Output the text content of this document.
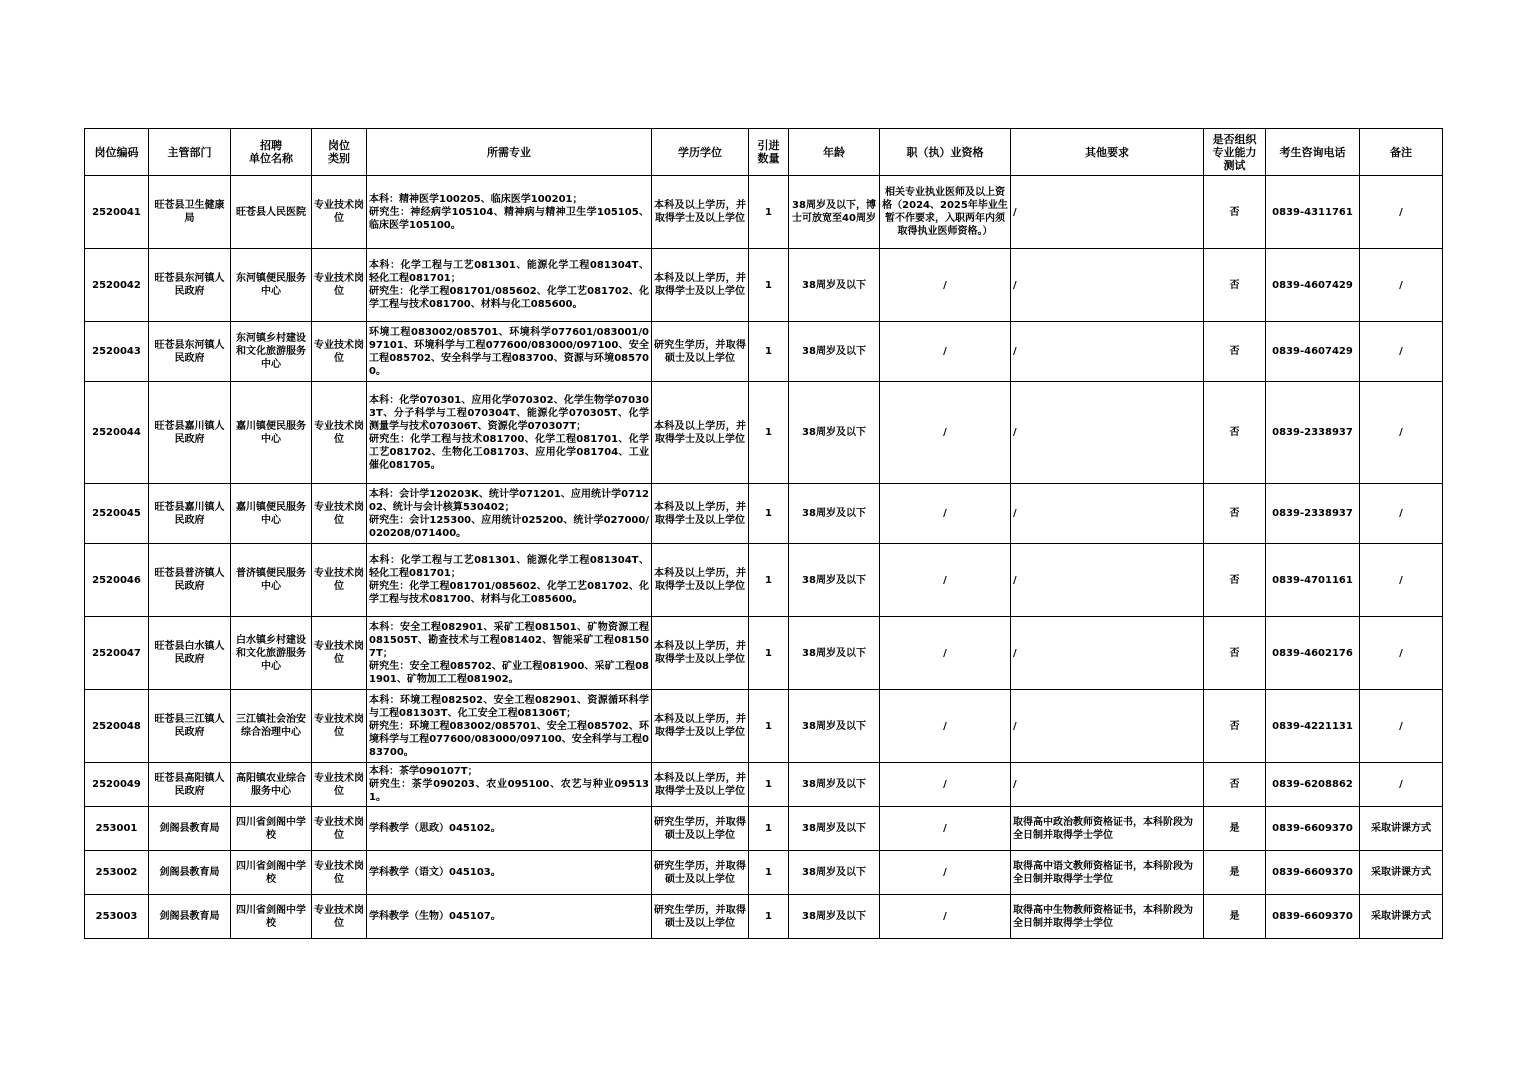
岗位编码	主管部门	招聘
单位名称	岗位
类别	所需专业	学历学位	引进
数量	年龄	职（执）业资格	其他要求	是否组织
专业能力
测试	考生咨询电话	备注
2520041	旺苍县卫生健康局	旺苍县人民医院	专业技术岗位	本科：精神医学100205、临床医学100201；
研究生：神经病学105104、精神病与精神卫生学105105、临床医学105100。	本科及以上学历，并取得学士及以上学位	1	38周岁及以下，博士可放宽至40周岁	相关专业执业医师及以上资格（2024、2025年毕业生暂不作要求，入职两年内须取得执业医师资格。）	/	否	0839-4311761	/
2520042	旺苍县东河镇人民政府	东河镇便民服务中心	专业技术岗位	本科：化学工程与工艺081301、能源化学工程081304T、轻化工程081701；
研究生：化学工程081701/085602、化学工艺081702、化学工程与技术081700、材料与化工085600。	本科及以上学历，并取得学士及以上学位	1	38周岁及以下	/	/	否	0839-4607429	/
2520043	旺苍县东河镇人民政府	东河镇乡村建设和文化旅游服务中心	专业技术岗位	环境工程083002/085701、环境科学077601/083001/097101、环境科学与工程077600/083000/097100、安全工程085702、安全科学与工程083700、资源与环境085700。	研究生学历，并取得硕士及以上学位	1	38周岁及以下	/	/	否	0839-4607429	/
2520044	旺苍县嘉川镇人民政府	嘉川镇便民服务中心	专业技术岗位	本科：化学070301、应用化学070302、化学生物学070303T、分子科学与工程070304T、能源化学070305T、化学测量学与技术070306T、资源化学070307T；
研究生：化学工程与技术081700、化学工程081701、化学工艺081702、生物化工081703、应用化学081704、工业催化081705。	本科及以上学历，并取得学士及以上学位	1	38周岁及以下	/	/	否	0839-2338937	/
2520045	旺苍县嘉川镇人民政府	嘉川镇便民服务中心	专业技术岗位	本科：会计学120203K、统计学071201、应用统计学071202、统计与会计核算530402；
研究生：会计125300、应用统计025200、统计学027000/020208/071400。	本科及以上学历，并取得学士及以上学位	1	38周岁及以下	/	/	否	0839-2338937	/
2520046	旺苍县普济镇人民政府	普济镇便民服务中心	专业技术岗位	本科：化学工程与工艺081301、能源化学工程081304T、轻化工程081701；
研究生：化学工程081701/085602、化学工艺081702、化学工程与技术081700、材料与化工085600。	本科及以上学历，并取得学士及以上学位	1	38周岁及以下	/	/	否	0839-4701161	/
2520047	旺苍县白水镇人民政府	白水镇乡村建设和文化旅游服务中心	专业技术岗位	本科：安全工程082901、采矿工程081501、矿物资源工程081505T、勘查技术与工程081402、智能采矿工程081507T；
研究生：安全工程085702、矿业工程081900、采矿工程081901、矿物加工工程081902。	本科及以上学历，并取得学士及以上学位	1	38周岁及以下	/	/	否	0839-4602176	/
2520048	旺苍县三江镇人民政府	三江镇社会治安综合治理中心	专业技术岗位	本科：环境工程082502、安全工程082901、资源循环科学与工程081303T、化工安全工程081306T；
研究生：环境工程083002/085701、安全工程085702、环境科学与工程077600/083000/097100、安全科学与工程083700。	本科及以上学历，并取得学士及以上学位	1	38周岁及以下	/	/	否	0839-4221131	/
2520049	旺苍县高阳镇人民政府	高阳镇农业综合服务中心	专业技术岗位	本科：茶学090107T；
研究生：茶学090203、农业095100、农艺与种业095131。	本科及以上学历，并取得学士及以上学位	1	38周岁及以下	/	/	否	0839-6208862	/
253001	剑阁县教育局	四川省剑阁中学校	专业技术岗位	学科教学（思政）045102。	研究生学历，并取得硕士及以上学位	1	38周岁及以下	/	取得高中政治教师资格证书，本科阶段为全日制并取得学士学位	是	0839-6609370	采取讲课方式
253002	剑阁县教育局	四川省剑阁中学校	专业技术岗位	学科教学（语文）045103。	研究生学历，并取得硕士及以上学位	1	38周岁及以下	/	取得高中语文教师资格证书，本科阶段为全日制并取得学士学位	是	0839-6609370	采取讲课方式
253003	剑阁县教育局	四川省剑阁中学校	专业技术岗位	学科教学（生物）045107。	研究生学历，并取得硕士及以上学位	1	38周岁及以下	/	取得高中生物教师资格证书，本科阶段为全日制并取得学士学位	是	0839-6609370	采取讲课方式
